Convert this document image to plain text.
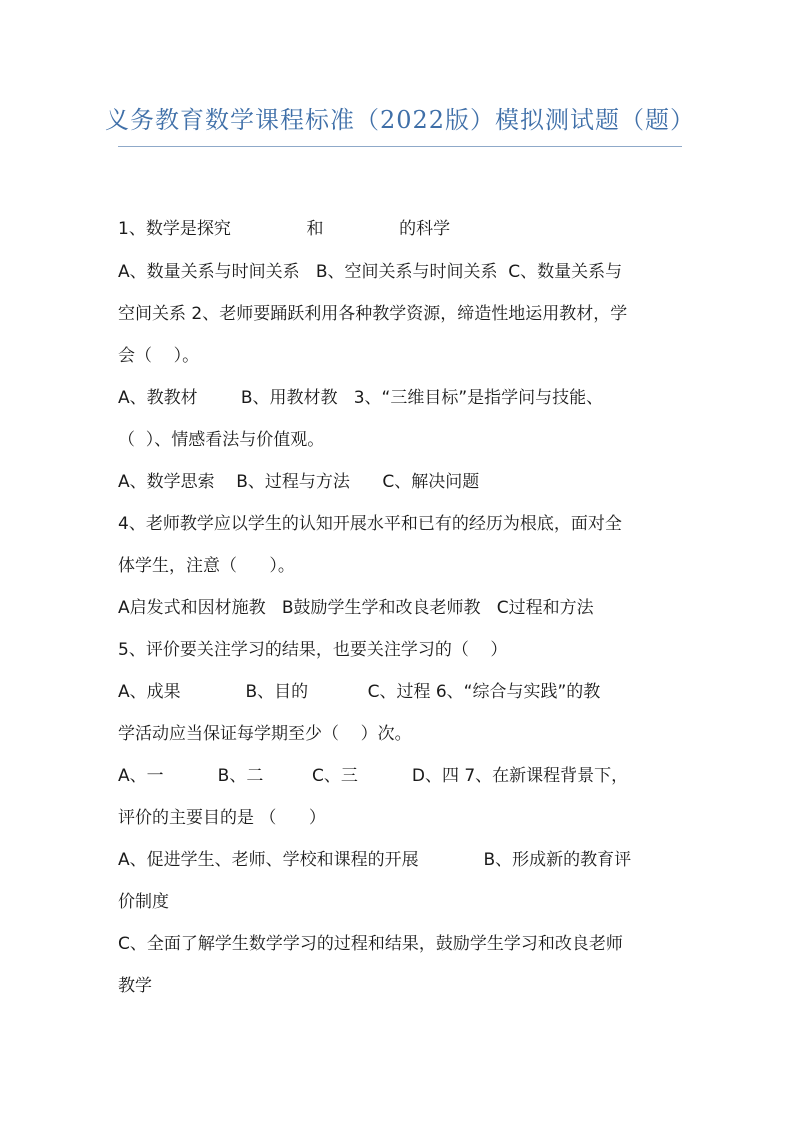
义务教育数学课程标准（2022版）模拟测试题（题）
1、数学是探究              和              的科学
A、数量关系与时间关系   B、空间关系与时间关系  C、数量关系与
空间关系 2、老师要踊跃利用各种教学资源，缔造性地运用教材，学
会（    ）。
A、教教材        B、用教材教   3、“三维目标”是指学问与技能、
（  ）、情感看法与价值观。
A、数学思索    B、过程与方法      C、解决问题
4、老师教学应以学生的认知开展水平和已有的经历为根底，面对全
体学生，注意（      ）。
A启发式和因材施教   B鼓励学生学和改良老师教   C过程和方法
5、评价要关注学习的结果，也要关注学习的（    ）
A、成果            B、目的           C、过程 6、“综合与实践”的教
学活动应当保证每学期至少（    ）次。
A、一          B、二         C、三          D、四 7、在新课程背景下，
评价的主要目的是 （      ）
A、促进学生、老师、学校和课程的开展            B、形成新的教育评
价制度
C、全面了解学生数学学习的过程和结果，鼓励学生学习和改良老师
教学
